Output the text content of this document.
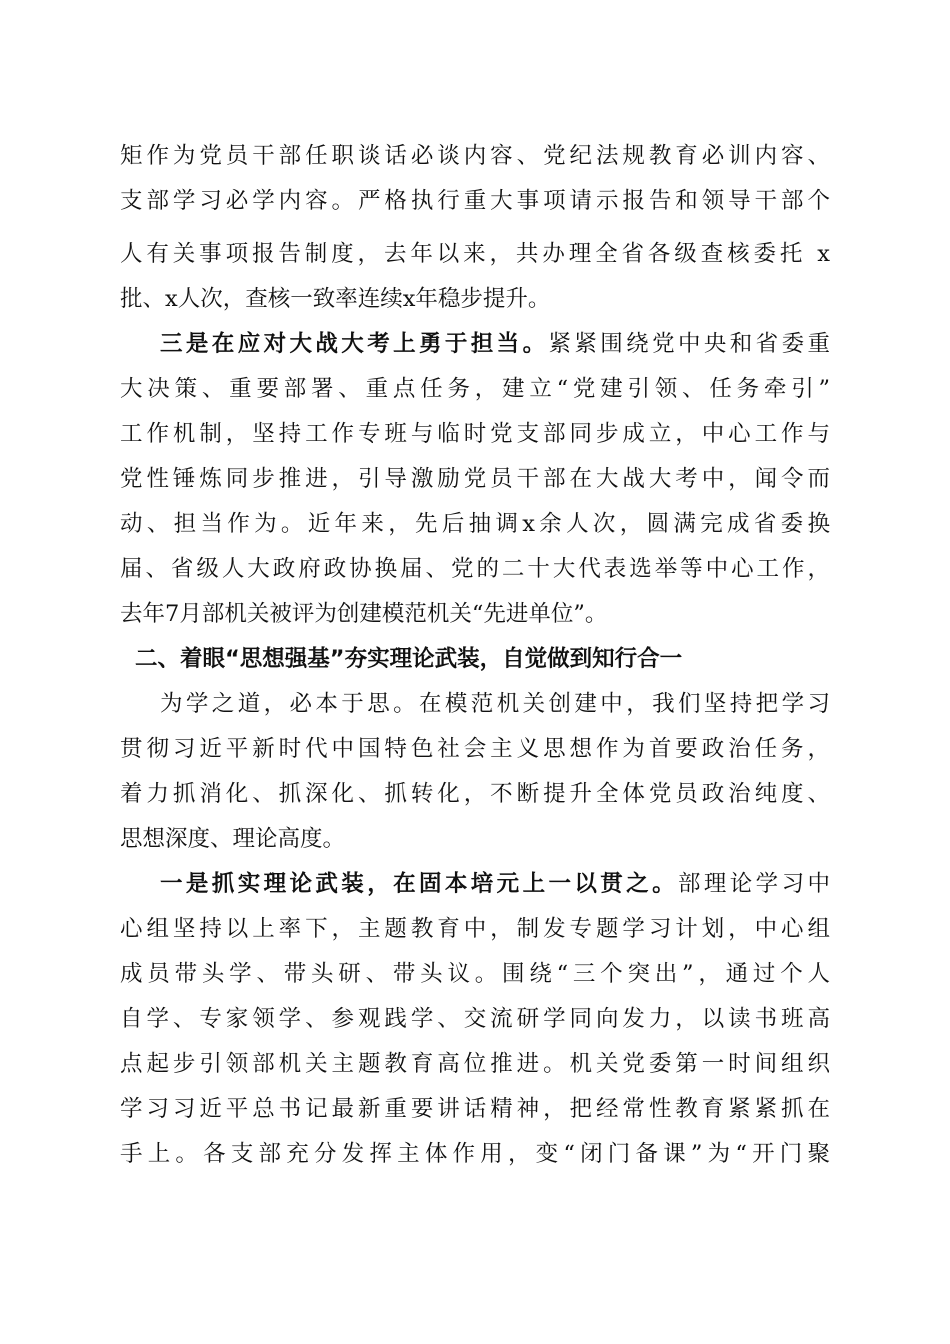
矩作为党员干部任职谈话必谈内容、党纪法规教育必训内容、
支部学习必学内容。严格执行重大事项请示报告和领导干部个
人有关事项报告制度，去年以来，共办理全省各级查核委托 x
批、x人次，查核一致率连续x年稳步提升。
三是在应对大战大考上勇于担当。紧紧围绕党中央和省委重
大决策、重要部署、重点任务，建立“党建引领、任务牵引”
工作机制，坚持工作专班与临时党支部同步成立，中心工作与
党性锤炼同步推进，引导激励党员干部在大战大考中，闻令而
动、担当作为。近年来，先后抽调x余人次，圆满完成省委换
届、省级人大政府政协换届、党的二十大代表选举等中心工作，
去年7月部机关被评为创建模范机关“先进单位”。
二、着眼“思想强基”夯实理论武装，自觉做到知行合一
为学之道，必本于思。在模范机关创建中，我们坚持把学习
贯彻习近平新时代中国特色社会主义思想作为首要政治任务，
着力抓消化、抓深化、抓转化，不断提升全体党员政治纯度、
思想深度、理论高度。
一是抓实理论武装，在固本培元上一以贯之。部理论学习中
心组坚持以上率下，主题教育中，制发专题学习计划，中心组
成员带头学、带头研、带头议。围绕“三个突出”，通过个人
自学、专家领学、参观践学、交流研学同向发力，以读书班高
点起步引领部机关主题教育高位推进。机关党委第一时间组织
学习习近平总书记最新重要讲话精神，把经常性教育紧紧抓在
手上。各支部充分发挥主体作用，变“闭门备课”为“开门聚
